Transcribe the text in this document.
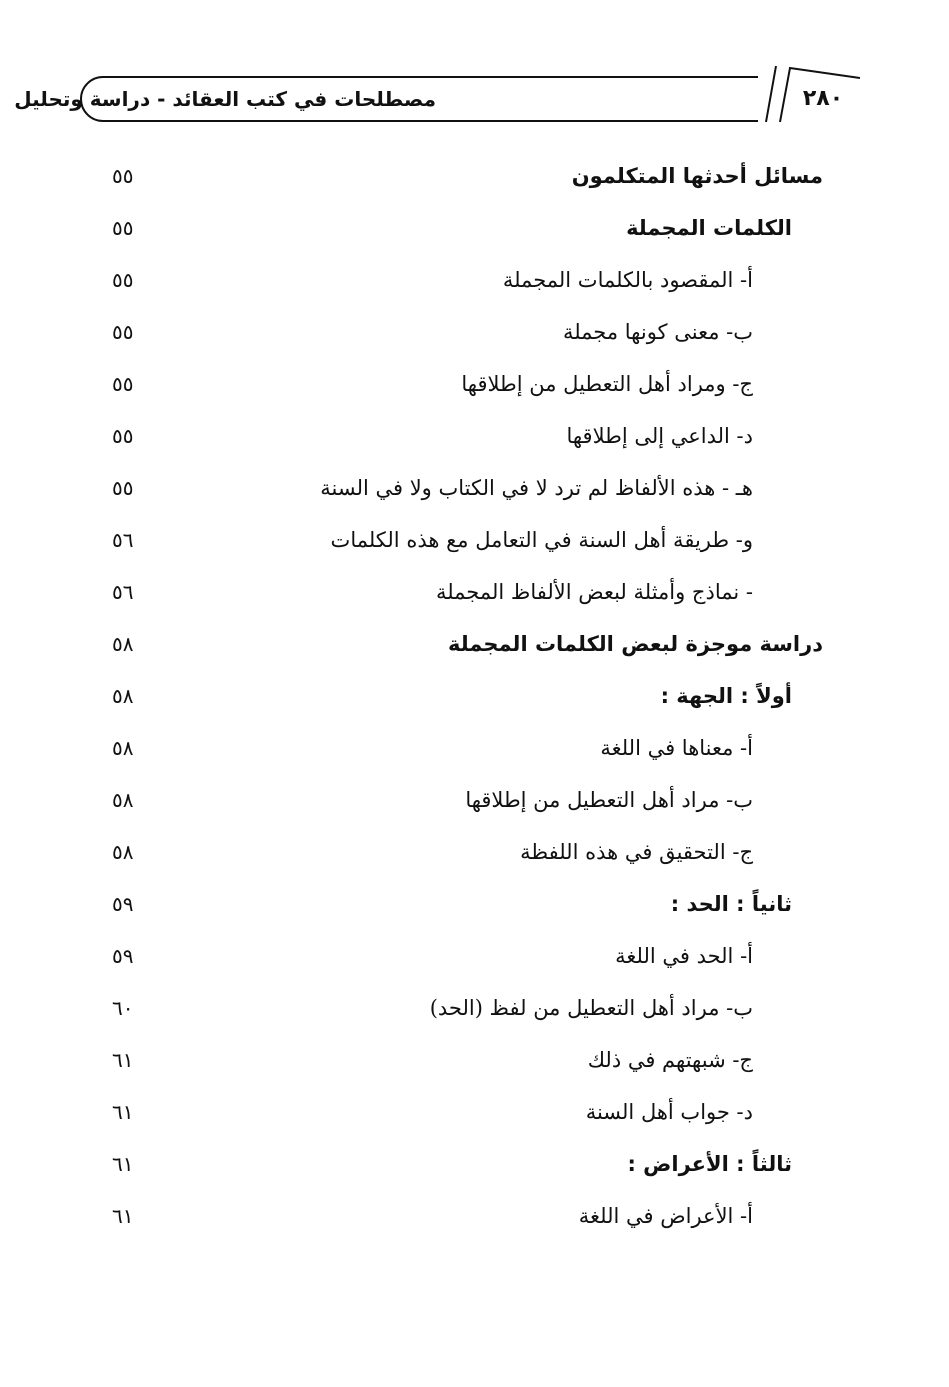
مصطلحات في كتب العقائد - دراسة وتحليل	٢٨٠
مسائل أحدثها المتكلمون
٥٥
الكلمات المجملة
٥٥
أ- المقصود بالكلمات المجملة
٥٥
ب- معنى كونها مجملة
٥٥
ج- ومراد أهل التعطيل من إطلاقها
٥٥
د- الداعي إلى إطلاقها
٥٥
هـ - هذه الألفاظ لم ترد لا في الكتاب ولا في السنة
٥٥
و- طريقة أهل السنة في التعامل مع هذه الكلمات
٥٦
- نماذج وأمثلة لبعض الألفاظ المجملة
٥٦
دراسة موجزة لبعض الكلمات المجملة
٥٨
أولاً : الجهة :
٥٨
أ- معناها في اللغة
٥٨
ب- مراد أهل التعطيل من إطلاقها
٥٨
ج- التحقيق في هذه اللفظة
٥٨
ثانياً : الحد :
٥٩
أ- الحد في اللغة
٥٩
ب- مراد أهل التعطيل من لفظ (الحد)
٦٠
ج- شبهتهم في ذلك
٦١
د- جواب أهل السنة
٦١
ثالثاً : الأعراض :
٦١
أ- الأعراض في اللغة
٦١
